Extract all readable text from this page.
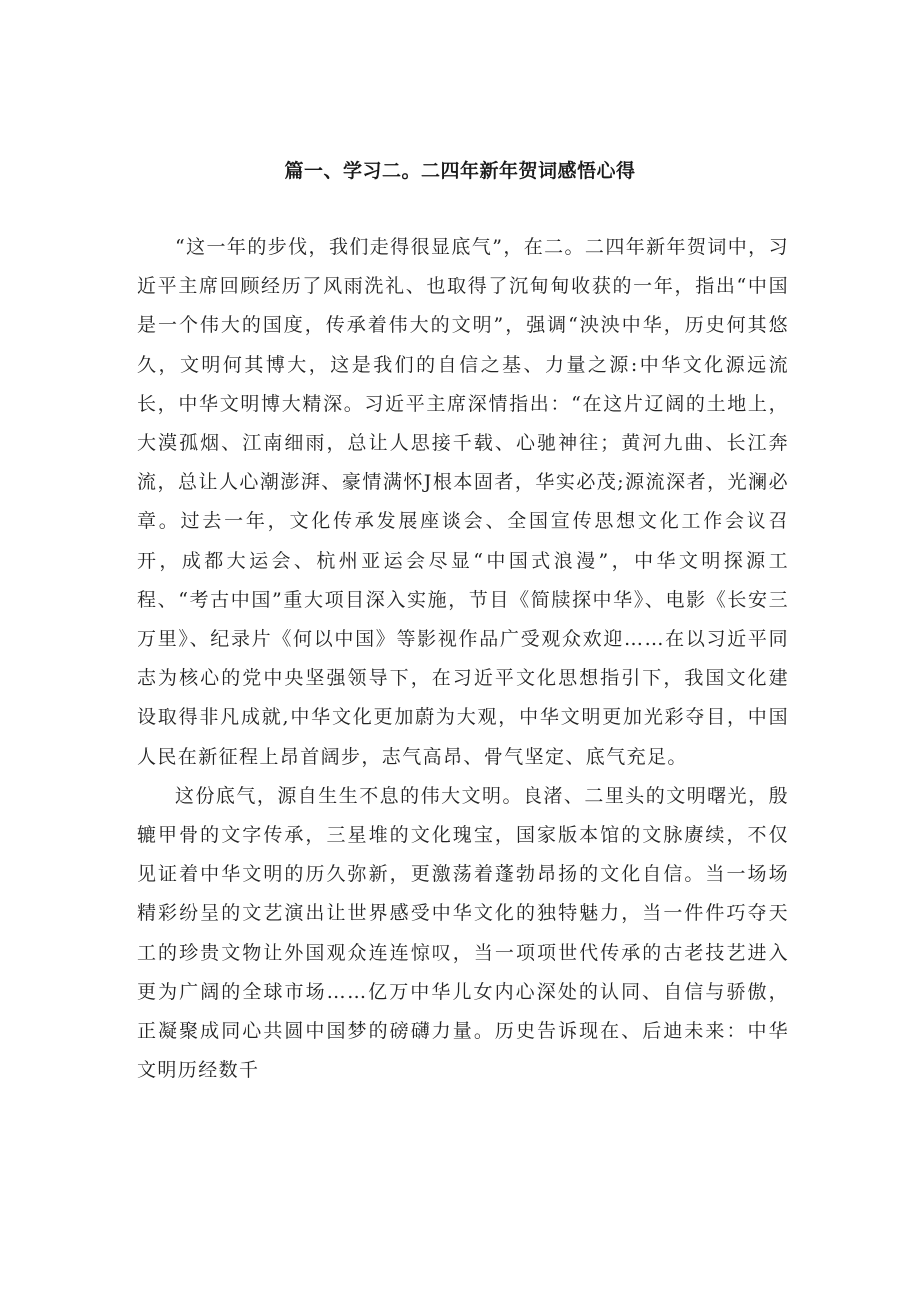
篇一、学习二。二四年新年贺词感悟心得

“这一年的步伐，我们走得很显底气”，在二。二四年新年贺词中，习近平主席回顾经历了风雨洗礼、也取得了沉甸甸收获的一年，指出“中国是一个伟大的国度，传承着伟大的文明”，强调“泱泱中华，历史何其悠久，文明何其博大，这是我们的自信之基、力量之源:中华文化源远流长，中华文明博大精深。习近平主席深情指出：“在这片辽阔的土地上，大漠孤烟、江南细雨，总让人思接千载、心驰神往；黄河九曲、长江奔流，总让人心潮澎湃、豪情满怀J根本固者，华实必茂;源流深者，光澜必章。过去一年，文化传承发展座谈会、全国宣传思想文化工作会议召开，成都大运会、杭州亚运会尽显“中国式浪漫”，中华文明探源工程、“考古中国”重大项目深入实施，节目《简牍探中华》、电影《长安三万里》、纪录片《何以中国》等影视作品广受观众欢迎……在以习近平同志为核心的党中央坚强领导下，在习近平文化思想指引下，我国文化建设取得非凡成就,中华文化更加蔚为大观，中华文明更加光彩夺目，中国人民在新征程上昂首阔步，志气高昂、骨气坚定、底气充足。

这份底气，源自生生不息的伟大文明。良渚、二里头的文明曙光，殷辘甲骨的文字传承，三星堆的文化瑰宝，国家版本馆的文脉赓续，不仅见证着中华文明的历久弥新，更激荡着蓬勃昂扬的文化自信。当一场场精彩纷呈的文艺演出让世界感受中华文化的独特魅力，当一件件巧夺天工的珍贵文物让外国观众连连惊叹，当一项项世代传承的古老技艺进入更为广阔的全球市场……亿万中华儿女内心深处的认同、自信与骄傲，正凝聚成同心共圆中国梦的磅礴力量。历史告诉现在、后迪未来：中华文明历经数千
